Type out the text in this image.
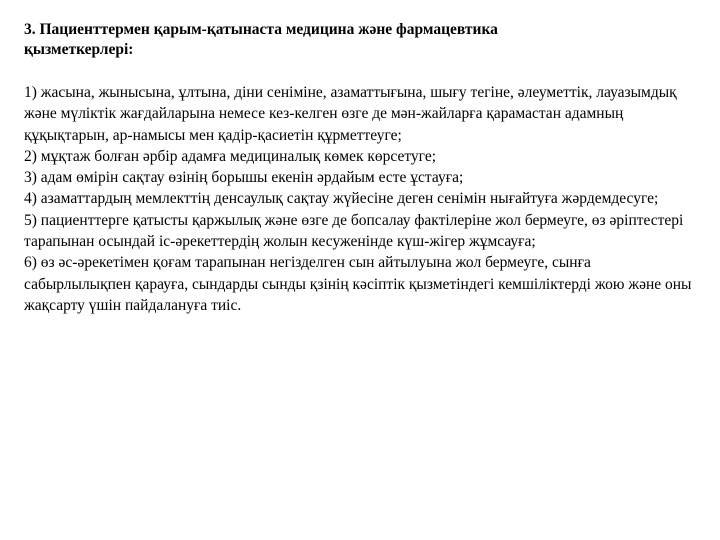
3. Пациенттермен қарым-қатынаста медицина және фармацевтика қызметкерлері:
1) жасына, жынысына, ұлтына, діни сеніміне, азаматтығына, шығу тегіне, әлеуметтік, лауазымдық және мүліктік жағдайларына немесе кез-келген өзге де мән-жайларға қарамастан адамның құқықтарын, ар-намысы мен қадір-қасиетін құрметтеуге;
2) мұқтаж болған әрбір адамға медициналық көмек көрсетуге;
3) адам өмірін сақтау өзінің борышы екенін әрдайым есте ұстауға;
4) азаматтардың мемлекттің денсаулық сақтау жүйесіне деген сенімін нығайтуға жәрдемдесуге;
5) пациенттерге қатысты қаржылық және өзге де бопсалау фактілеріне жол бермеуге, өз әріптестері тарапынан осындай іс-әрекеттердің жолын кесуженінде күш-жігер жұмсауға;
6) өз әс-әрекетімен қоғам тарапынан негізделген сын айтылуына жол бермеуге, сынға сабырлылықпен қарауға, сындарды сынды қзінің кәсіптік қызметіндегі кемшіліктерді жою және оны жақсарту үшін пайдалануға тиіс.
